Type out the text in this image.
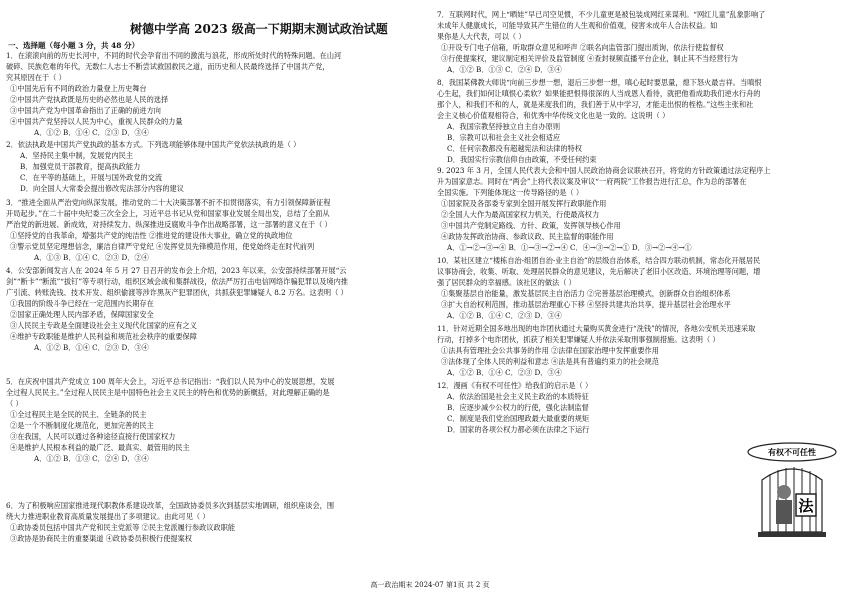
树德中学高 2023 级高一下期期末测试政治试题
一、选择题（每小题 3 分，共 48 分）
1．在滚滚向前的历史长河中，不同的时代会孕育出不同的激流与浪花，形成所处时代的特殊问题。在山河
破碎、民族危难的年代，无数仁人志士不断尝试救国救民之道，而历史和人民最终选择了中国共产党，
究其原因在于（ ）
①中国先后有不同的政治力量登上历史舞台
②中国共产党执政既是历史的必然也是人民的选择
③中国共产党为中国革命指出了正确的前进方向
④中国共产党坚持以人民为中心，重视人民群众的力量
A．①② B．①④ C．②③ D．③④
2．依法执政是中国共产党执政的基本方式。下列选项能够体现中国共产党依法执政的是（ ）
A．坚持民主集中制，发展党内民主
B．加强党员干部教育，提高执政能力
C．在平等的基础上，开展与国外政党的交流
D．向全国人大常委会提出修改宪法部分内容的建议
3．“推进全面从严治党向纵深发展，推动党的二十大决策部署不折不扣贯彻落实，有力引领保障新征程
开局起步。”在二十届中央纪委三次全会上，习近平总书记从党和国家事业发展全局出发，总结了全面从
严治党的新进展、新成效，对持续发力、纵深推进反腐败斗争作出战略部署，这一部署的意义在于（ ）
①坚持党的自我革命，增强共产党的纯洁性 ②推进党的建设伟大事业，确立党的执政地位
③警示党员坚定理想信念，廉洁自律严守党纪 ④发挥党员先锋模范作用，使党始终走在时代前列
A．①③ B．①④ C．②③ D．②④
4．公安部新闻发言人在 2024 年 5 月 27 日召开的发布会上介绍，2023 年以来，公安部持续部署开展“云
剑”“断卡”“断流”“拔钉”等专项行动，组织区域会战和集群战役，依法严厉打击电信网络诈骗犯罪以及境内推
广引流、转账洗钱、技术开发、组织偷渡等涉诈黑灰产犯罪团伙，共抓获犯罪嫌疑人 8.2 万名。这表明（ ）
①我国的阶级斗争已经在一定范围内长期存在
②国家正确处理人民内部矛盾，保障国家安全
③人民民主专政是全面建设社会主义现代化国家的应有之义
④维护专政职能是维护人民利益和规范社会秩序的重要保障
A．①② B．①④ C．②③ D．③④
5．在庆祝中国共产党成立 100 周年大会上，习近平总书记指出：“我们以人民为中心的发展思想，发展
全过程人民民主。”全过程人民民主是中国特色社会主义民主的特色和优势的新概括，对此理解正确的是
（ ）
①全过程民主是全民的民主、全链条的民主
②是一个不断制度化规范化，更加完善的民主
③在我国，人民可以通过各种途径直接行使国家权力
④是维护人民根本利益的最广泛、最真实、最管用的民主
A．①② B．①③ C．②④ D．③④
6．为了积极响应国家推进现代职教体系建设改革，全国政协委员多次到基层实地调研，组织座谈会，围
绕大力推进职业教育高质量发展提出了多项建议。由此可见（ ）
①政协委员包括中国共产党和民主党派等 ②民主党派履行参政议政职能
③政协是协商民主的重要渠道 ④政协委员积极行使提案权
7．互联网时代，网上“晒娃”早已司空见惯，不少儿童更是被包装成网红来谋利。“网红儿童”乱象影响了
未成年人健康成长，可能导致其产生错位的人生观和价值观，侵害未成年人合法权益。如
果你是人大代表，可以（ ）
①开设专门电子信箱，听取群众意见和呼声 ②联名向监管部门提出质询，依法行使监督权
③行使提案权，建议制定相关评价及监管制度 ④查封视频直播平台企业，制止其不当经营行为
A．①② B．①③ C．②④ D．③④
8．我国某佛教大师说“向前三步想一想，退后三步想一想，嗔心起时要思量，熄下怒火最吉祥。当嗔恨
心生起，我们如何让嗔恨心柔软？如果能把恨得很深的人当成恩人看待，就把他看成助我们逆水行舟的
那个人，和我们不和的人，就是来度我们的，我们善于从中学习，才能走出恨的桎梏。”这些主张和社
会主义核心价值观相符合，和优秀中华传统文化也是一致的。这说明（ ）
A．我国宗教坚持独立自主自办原则
B．宗教可以和社会主义社会相适应
C．任何宗教都没有超越宪法和法律的特权
D．我国实行宗教信仰自由政策，不受任何约束
9. 2023 年 3 月，全国人民代表大会和中国人民政治协商会议联袂召开，将党的方针政策通过法定程序上
升为国家意志。同时在“两会”上将代表议案及审议“一府两院”工作报告进行汇总，作为总的部署在
全国实施。下列能体现这一传导路径的是（ ）
①国家院及各部委专家到全国开展发挥行政职能作用
②全国人大作为最高国家权力机关，行使最高权力
③中国共产党制定路线、方针、政策，发挥领导核心作用
④政协发挥政治协商、参政议政、民主监督的职能作用
A．①→②→③→④ B．①→③→②→④ C．④→③→②→① D．③→②→④→①
10．某社区建立“楼栋自治-组团自治-业主自治”的层级自治体系，结合四方联动机制，常态化开展居民
议事协商会，收集、听取、处理居民群众的意见建议，先后解决了老旧小区改造、环境治理等问题，增
强了居民群众的幸福感。该社区的做法（ ）
①集聚基层自治能量，激发基层民主自治活力 ②完善基层治理模式，创新群众自治组织体系
③扩大自治权利范围，推动基层治理重心下移 ④坚持共建共治共享，提升基层社会治理水平
A．①② B．①④ C．②③ D．③④
11．针对近期全国多地出现的电诈团伙通过大量购买黄金进行“洗钱”的情况，各地公安机关迅速采取
行动，打掉多个电诈团伙，抓获了相关犯罪嫌疑人并依法采取刑事强制措施。这表明（ ）
①法具有管理社会公共事务的作用 ②法律在国家治理中发挥重要作用
③法体现了全体人民的利益和意志 ④法是具有普遍约束力的社会规范
A．①② B．①④ C．②③ D．③④
12．漫画《有权不可任性》给我们的启示是（ ）
A．依法治国是社会主义民主政治的本质特征
B．应逐步减少公权力的行使，强化法制监督
C．制度是我们党治国理政最大最重要的规矩
D．国家的各项公权力都必须在法律之下运行
有权不可任性
法
高一政治期末 2024-07 第1页 共 2 页
